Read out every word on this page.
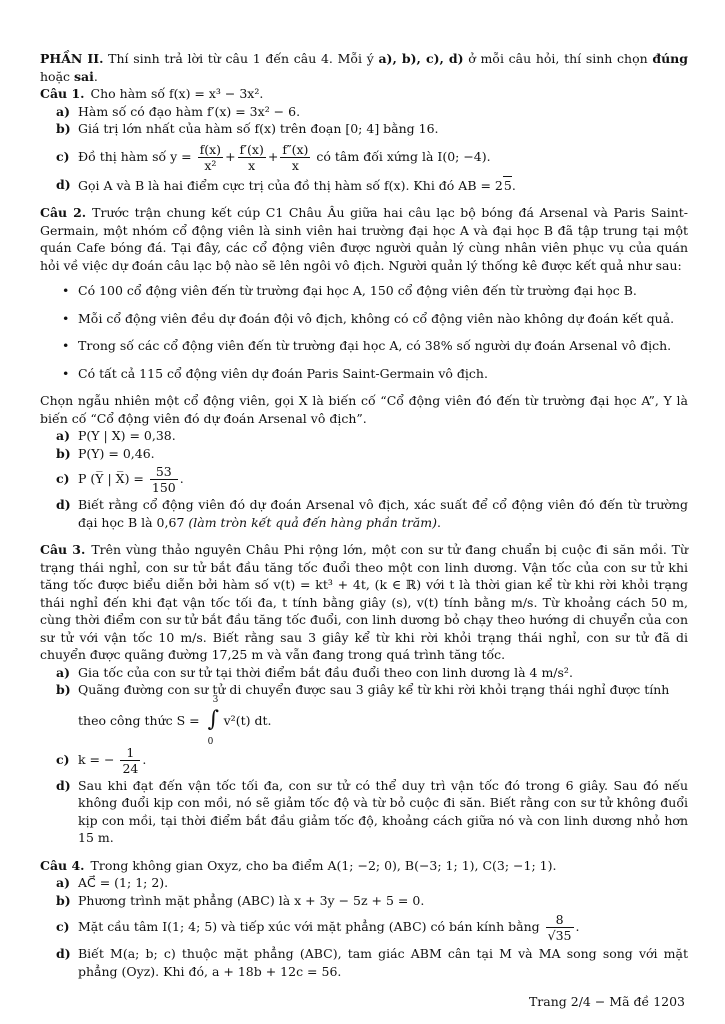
PHẦN II. Thí sinh trả lời từ câu 1 đến câu 4. Mỗi ý a), b), c), d) ở mỗi câu hỏi, thí sinh chọn đúng hoặc sai.

Câu 1. Cho hàm số f(x) = x³ − 3x².

a) Hàm số có đạo hàm f′(x) = 3x² − 6.

b) Giá trị lớn nhất của hàm số f(x) trên đoạn [0; 4] bằng 16.

c) Đồ thị hàm số $y = \frac{f(x)}{\text{x²}} + \frac{f'(x)}{x} + \frac{f''(x)}{x}$ có tâm đối xứng là I(0; −4).

d) Gọi A và B là hai điểm cực trị của đồ thị hàm số f(x). Khi đó AB = 25.

Câu 2. Trước trận chung kết cúp C1 Châu Âu giữa hai câu lạc bộ bóng đá Arsenal và Paris Saint-Germain, một nhóm cổ động viên là sinh viên hai trường đại học A và đại học B đã tập trung tại một quán Cafe bóng đá. Tại đây, các cổ động viên được người quản lý cùng nhân viên phục vụ của quán hỏi về việc dự đoán câu lạc bộ nào sẽ lên ngôi vô địch. Người quản lý thống kê được kết quả như sau:

• Có 100 cổ động viên đến từ trường đại học A, 150 cổ động viên đến từ trường đại học B.
• Mỗi cổ động viên đều dự đoán đội vô địch, không có cổ động viên nào không dự đoán kết quả.
• Trong số các cổ động viên đến từ trường đại học A, có 38% số người dự đoán Arsenal vô địch.
• Có tất cả 115 cổ động viên dự đoán Paris Saint-Germain vô địch.

Chọn ngẫu nhiên một cổ động viên, gọi X là biến cố “Cổ động viên đó đến từ trường đại học A”, Y là biến cố “Cổ động viên đó dự đoán Arsenal vô địch”.

a) P(Y | X) = 0,38.

b) P(Y) = 0,46.

c) P (Y̅ | X̅) = $\frac{53}{150}$ .

d) Biết rằng cổ động viên đó dự đoán Arsenal vô địch, xác suất để cổ động viên đó đến từ trường đại học B là 0,67 (làm tròn kết quả đến hàng phần trăm).

Câu 3. Trên vùng thảo nguyên Châu Phi rộng lớn, một con sư tử đang chuẩn bị cuộc đi săn mồi. Từ trạng thái nghỉ, con sư tử bắt đầu tăng tốc đuổi theo một con linh dương. Vận tốc của con sư tử khi tăng tốc được biểu diễn bởi hàm số v(t) = kt³ + 4t, (k ∈ ℝ) với t là thời gian kể từ khi rời khỏi trạng thái nghỉ đến khi đạt vận tốc tối đa, t tính bằng giây (s), v(t) tính bằng m/s. Từ khoảng cách 50 m, cùng thời điểm con sư tử bắt đầu tăng tốc đuổi, con linh dương bỏ chạy theo hướng di chuyển của con sư tử với vận tốc 10 m/s. Biết rằng sau 3 giây kể từ khi rời khỏi trạng thái nghỉ, con sư tử đã di chuyển được quãng đường 17,25 m và vẫn đang trong quá trình tăng tốc.

a) Gia tốc của con sư tử tại thời điểm bắt đầu đuổi theo con linh dương là 4 m/s².

b) Quãng đường con sư tử di chuyển được sau 3 giây kể từ khi rời khỏi trạng thái nghỉ được tính
theo công thức S =
3
∫
0
v²(t) dt.

c) k = − $\frac{1}{24}$ .

d) Sau khi đạt đến vận tốc tối đa, con sư tử có thể duy trì vận tốc đó trong 6 giây. Sau đó nếu không đuổi kịp con mồi, nó sẽ giảm tốc độ và từ bỏ cuộc đi săn. Biết rằng con sư tử không đuổi kịp con mồi, tại thời điểm bắt đầu giảm tốc độ, khoảng cách giữa nó và con linh dương nhỏ hơn 15 m.

Câu 4. Trong không gian Oxyz, cho ba điểm A(1; −2; 0), B(−3; 1; 1), C(3; −1; 1).

a) AC⃗ = (1; 1; 2).

b) Phương trình mặt phẳng (ABC) là x + 3y − 5z + 5 = 0.

c) Mặt cầu tâm I(1; 4; 5) và tiếp xúc với mặt phẳng (ABC) có bán kính bằng $\frac{8}{√35}$ .

d) Biết M(a; b; c) thuộc mặt phẳng (ABC), tam giác ABM cân tại M và MA song song với mặt phẳng (Oyz). Khi đó, a + 18b + 12c = 56.

Trang 2/4 − Mã đề 1203
